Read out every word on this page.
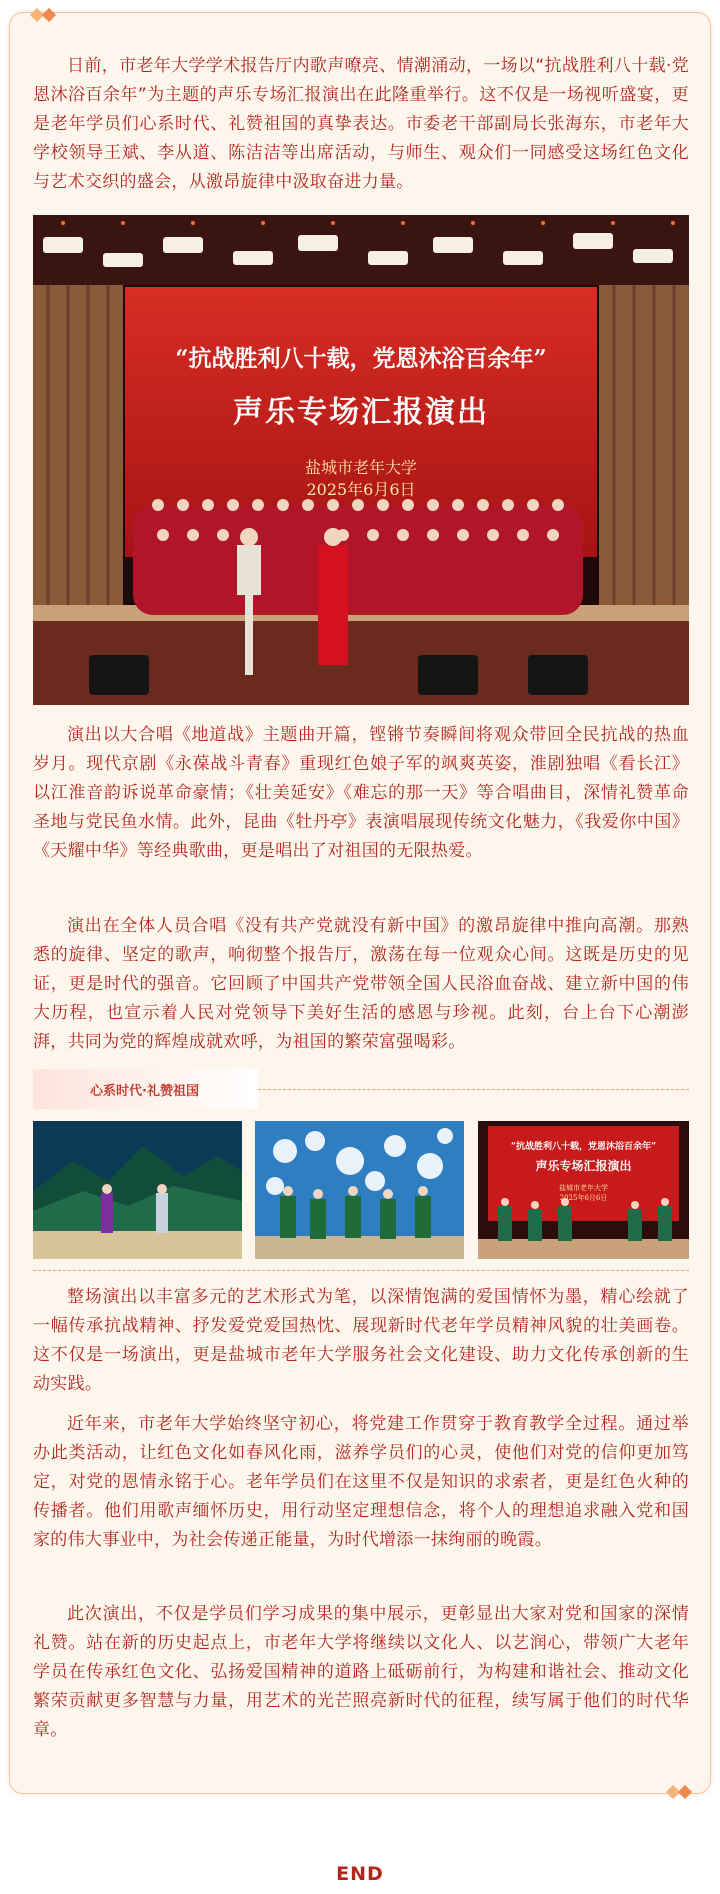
日前，市老年大学学术报告厅内歌声嘹亮、情潮涌动，一场以“抗战胜利八十载·党恩沐浴百余年”为主题的声乐专场汇报演出在此隆重举行。这不仅是一场视听盛宴，更是老年学员们心系时代、礼赞祖国的真挚表达。市委老干部副局长张海东，市老年大学校领导王斌、李从道、陈洁洁等出席活动，与师生、观众们一同感受这场红色文化与艺术交织的盛会，从激昂旋律中汲取奋进力量。

“抗战胜利八十载，党恩沐浴百余年”
声乐专场汇报演出
盐城市老年大学
2025年6月6日

演出以大合唱《地道战》主题曲开篇，铿锵节奏瞬间将观众带回全民抗战的热血岁月。现代京剧《永葆战斗青春》重现红色娘子军的飒爽英姿，淮剧独唱《看长江》以江淮音韵诉说革命豪情；《壮美延安》《难忘的那一天》等合唱曲目，深情礼赞革命圣地与党民鱼水情。此外，昆曲《牡丹亭》表演唱展现传统文化魅力，《我爱你中国》《天耀中华》等经典歌曲，更是唱出了对祖国的无限热爱。

演出在全体人员合唱《没有共产党就没有新中国》的激昂旋律中推向高潮。那熟悉的旋律、坚定的歌声，响彻整个报告厅，激荡在每一位观众心间。这既是历史的见证，更是时代的强音。它回顾了中国共产党带领全国人民浴血奋战、建立新中国的伟大历程，也宣示着人民对党领导下美好生活的感恩与珍视。此刻，台上台下心潮澎湃，共同为党的辉煌成就欢呼，为祖国的繁荣富强喝彩。

心系时代·礼赞祖国
“抗战胜利八十载，党恩沐浴百余年”
声乐专场汇报演出
盐城市老年大学
2025年6月6日

整场演出以丰富多元的艺术形式为笔，以深情饱满的爱国情怀为墨，精心绘就了一幅传承抗战精神、抒发爱党爱国热忱、展现新时代老年学员精神风貌的壮美画卷。这不仅是一场演出，更是盐城市老年大学服务社会文化建设、助力文化传承创新的生动实践。

近年来，市老年大学始终坚守初心，将党建工作贯穿于教育教学全过程。通过举办此类活动，让红色文化如春风化雨，滋养学员们的心灵，使他们对党的信仰更加笃定，对党的恩情永铭于心。老年学员们在这里不仅是知识的求索者，更是红色火种的传播者。他们用歌声缅怀历史，用行动坚定理想信念，将个人的理想追求融入党和国家的伟大事业中，为社会传递正能量，为时代增添一抹绚丽的晚霞。

此次演出，不仅是学员们学习成果的集中展示，更彰显出大家对党和国家的深情礼赞。站在新的历史起点上，市老年大学将继续以文化人、以艺润心，带领广大老年学员在传承红色文化、弘扬爱国精神的道路上砥砺前行，为构建和谐社会、推动文化繁荣贡献更多智慧与力量，用艺术的光芒照亮新时代的征程，续写属于他们的时代华章。

END
